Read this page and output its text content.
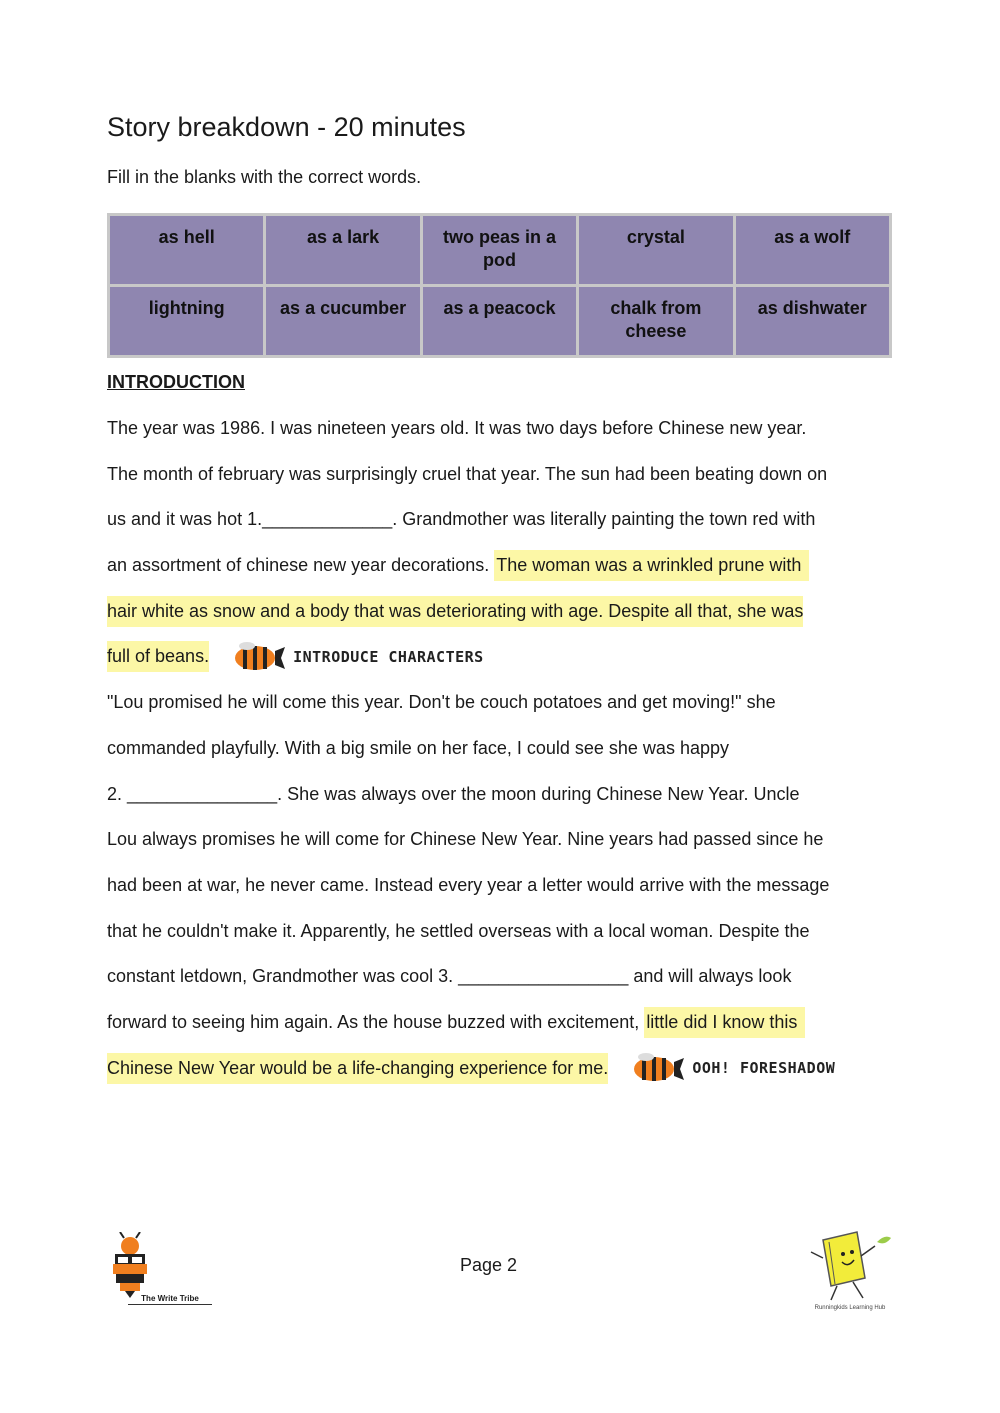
Story breakdown - 20 minutes

Fill in the blanks with the correct words.

as hell	as a lark	two peas in a pod	crystal	as a wolf
lightning	as a cucumber	as a peacock	chalk from cheese	as dishwater

INTRODUCTION

The year was 1986. I was nineteen years old. It was two days before Chinese new year.
The month of february was surprisingly cruel that year. The sun had been beating down on
us and it was hot 1._____________. Grandmother was literally painting the town red with
an assortment of chinese new year decorations. The woman was a wrinkled prune with
hair white as snow and a body that was deteriorating with age. Despite all that, she was
full of beans.	INTRODUCE CHARACTERS
"Lou promised he will come this year. Don't be couch potatoes and get moving!" she
commanded playfully. With a big smile on her face, I could see she was happy
2. _______________. She was always over the moon during Chinese New Year. Uncle
Lou always promises he will come for Chinese New Year. Nine years had passed since he
had been at war, he never came. Instead every year a letter would arrive with the message
that he couldn't make it. Apparently, he settled overseas with a local woman. Despite the
constant letdown, Grandmother was cool 3. _________________ and will always look
forward to seeing him again. As the house buzzed with excitement, little did I know this
Chinese New Year would be a life-changing experience for me.	OOH! FORESHADOW
Page 2
The Write Tribe
Runningkids Learning Hub
